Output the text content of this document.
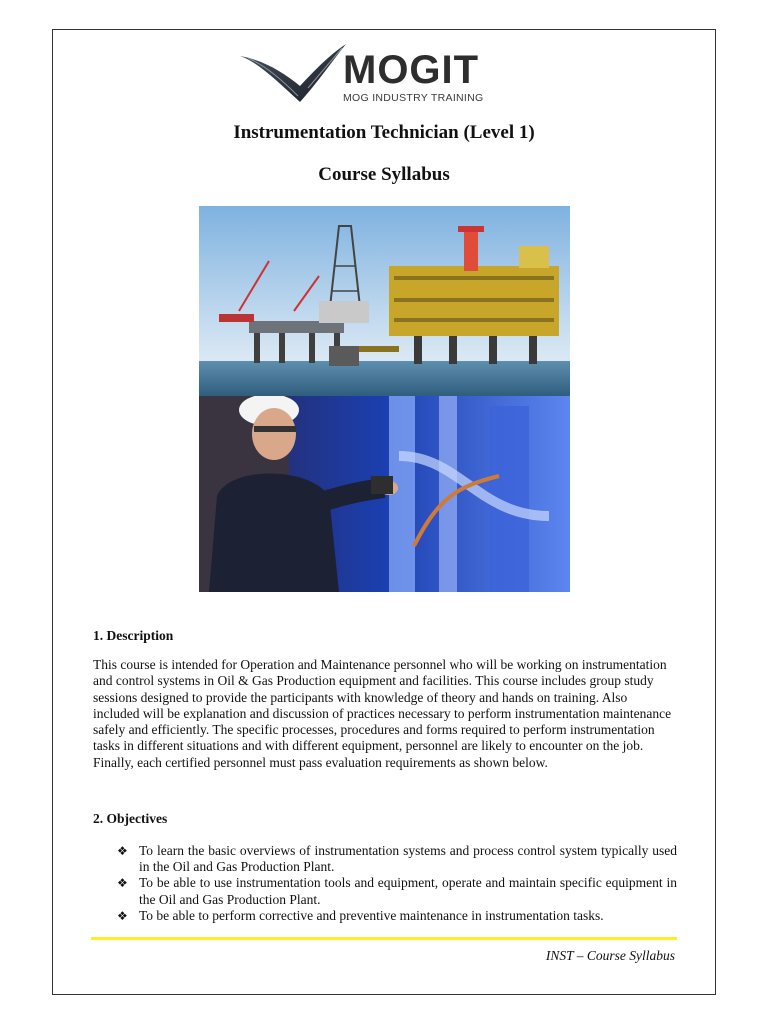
MOGIT
MOG INDUSTRY TRAINING
Instrumentation Technician (Level 1)
Course Syllabus
1. Description
This course is intended for Operation and Maintenance personnel who will be working on instrumentation and control systems in Oil & Gas Production equipment and facilities. This course includes group study sessions designed to provide the participants with knowledge of theory and hands on training. Also included will be explanation and discussion of practices necessary to perform instrumentation maintenance safely and efficiently. The specific processes, procedures and forms required to perform instrumentation tasks in different situations and with different equipment, personnel are likely to encounter on the job. Finally, each certified personnel must pass evaluation requirements as shown below.
2. Objectives
❖ To learn the basic overviews of instrumentation systems and process control system typically used in the Oil and Gas Production Plant.
❖ To be able to use instrumentation tools and equipment, operate and maintain specific equipment in the Oil and Gas Production Plant.
❖ To be able to perform corrective and preventive maintenance in instrumentation tasks.
INST – Course Syllabus
